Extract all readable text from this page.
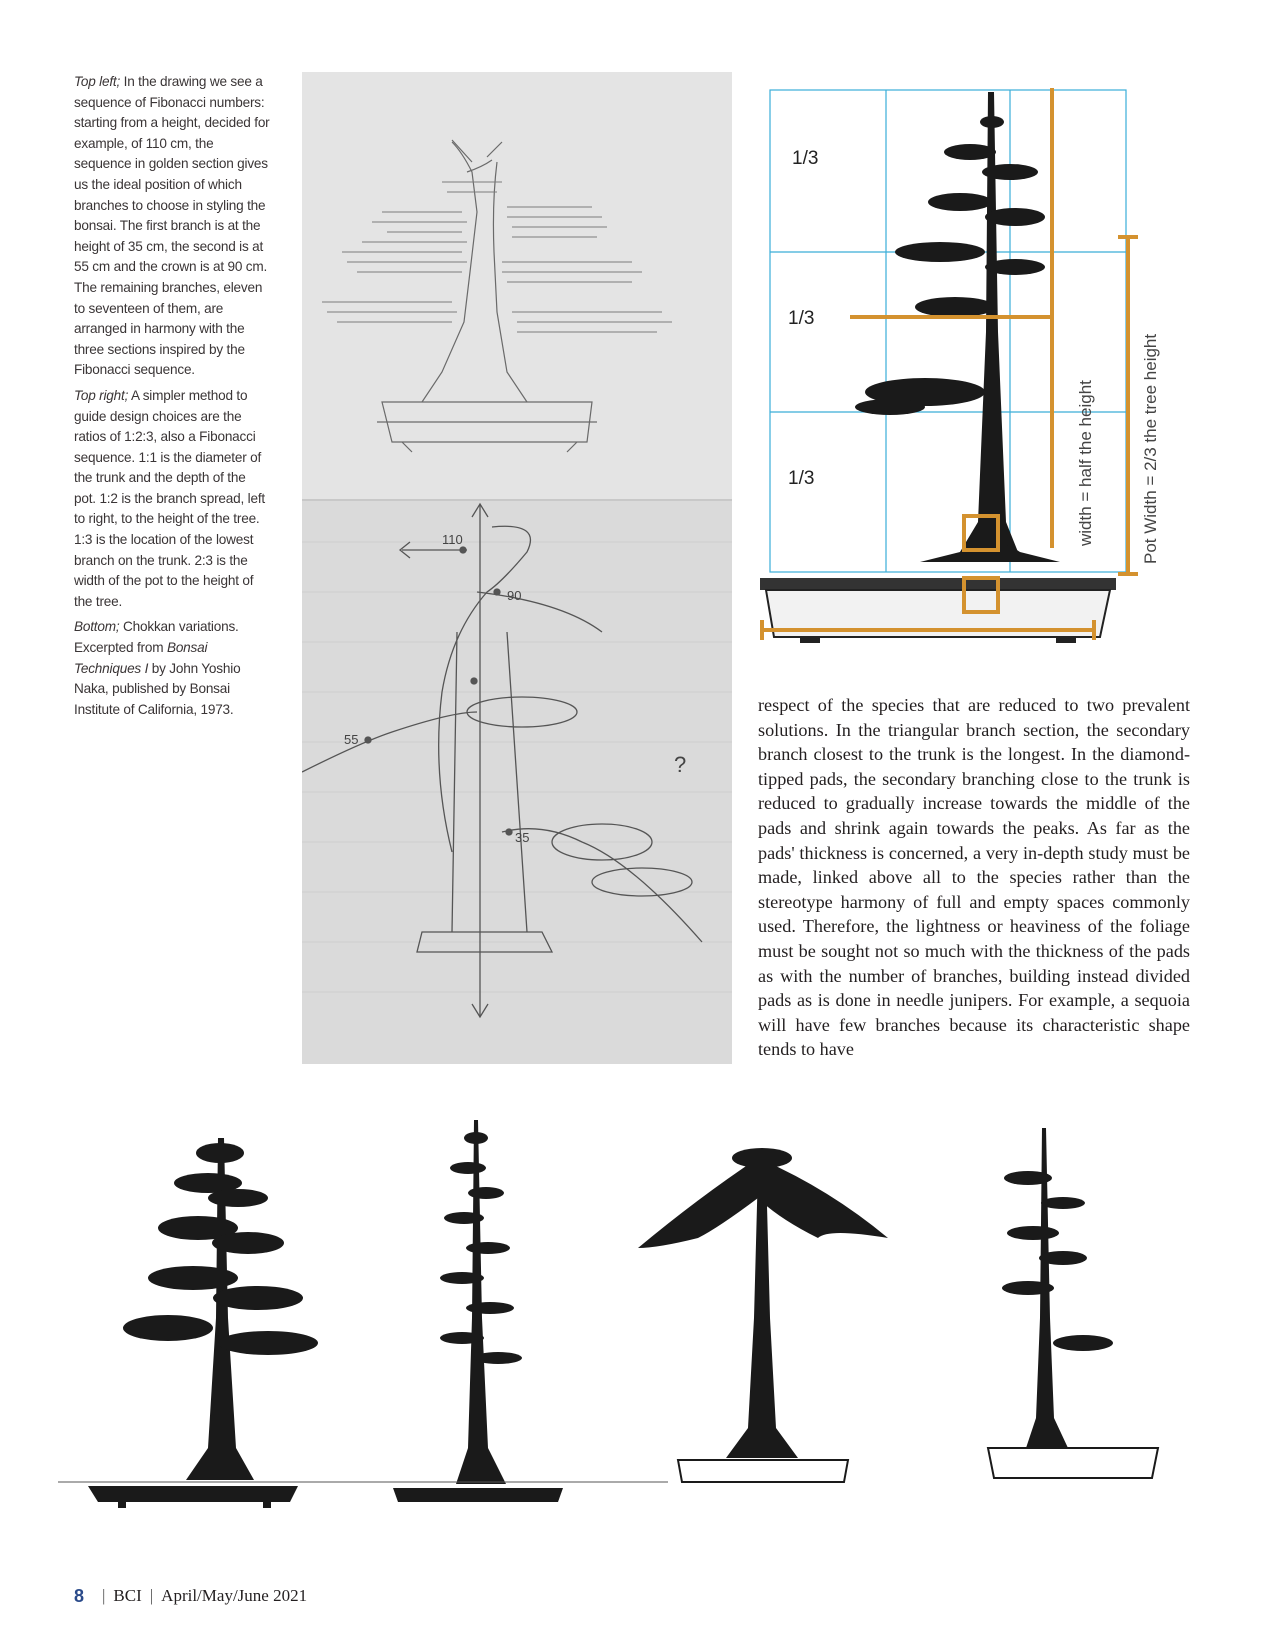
Top left; In the drawing we see a sequence of Fibonacci numbers: starting from a height, decided for example, of 110 cm, the sequence in golden section gives us the ideal position of which branches to choose in styling the bonsai. The first branch is at the height of 35 cm, the second is at 55 cm and the crown is at 90 cm. The remaining branches, eleven to seventeen of them, are arranged in harmony with the three sections inspired by the Fibonacci sequence.

Top right; A simpler method to guide design choices are the ratios of 1:2:3, also a Fibonacci sequence. 1:1 is the diameter of the trunk and the depth of the pot. 1:2 is the branch spread, left to right, to the height of the tree. 1:3 is the location of the lowest branch on the trunk. 2:3 is the width of the pot to the height of the tree.

Bottom; Chokkan variations. Excerpted from Bonsai Techniques I by John Yoshio Naka, published by Bonsai Institute of California, 1973.

110
90
55
35
?
1/3
1/3
1/3	width = half the height	Pot Width = 2/3 the tree height

respect of the species that are reduced to two prevalent solutions. In the triangular branch section, the secondary branch closest to the trunk is the longest. In the diamond-tipped pads, the secondary branching close to the trunk is reduced to gradually increase towards the middle of the pads and shrink again towards the peaks. As far as the pads' thickness is concerned, a very in-depth study must be made, linked above all to the species rather than the stereotype harmony of full and empty spaces commonly used. Therefore, the lightness or heaviness of the foliage must be sought not so much with the thickness of the pads as with the number of branches, building instead divided pads as is done in needle junipers. For example, a sequoia will have few branches because its characteristic shape tends to have

8 | BCI | April/May/June 2021
